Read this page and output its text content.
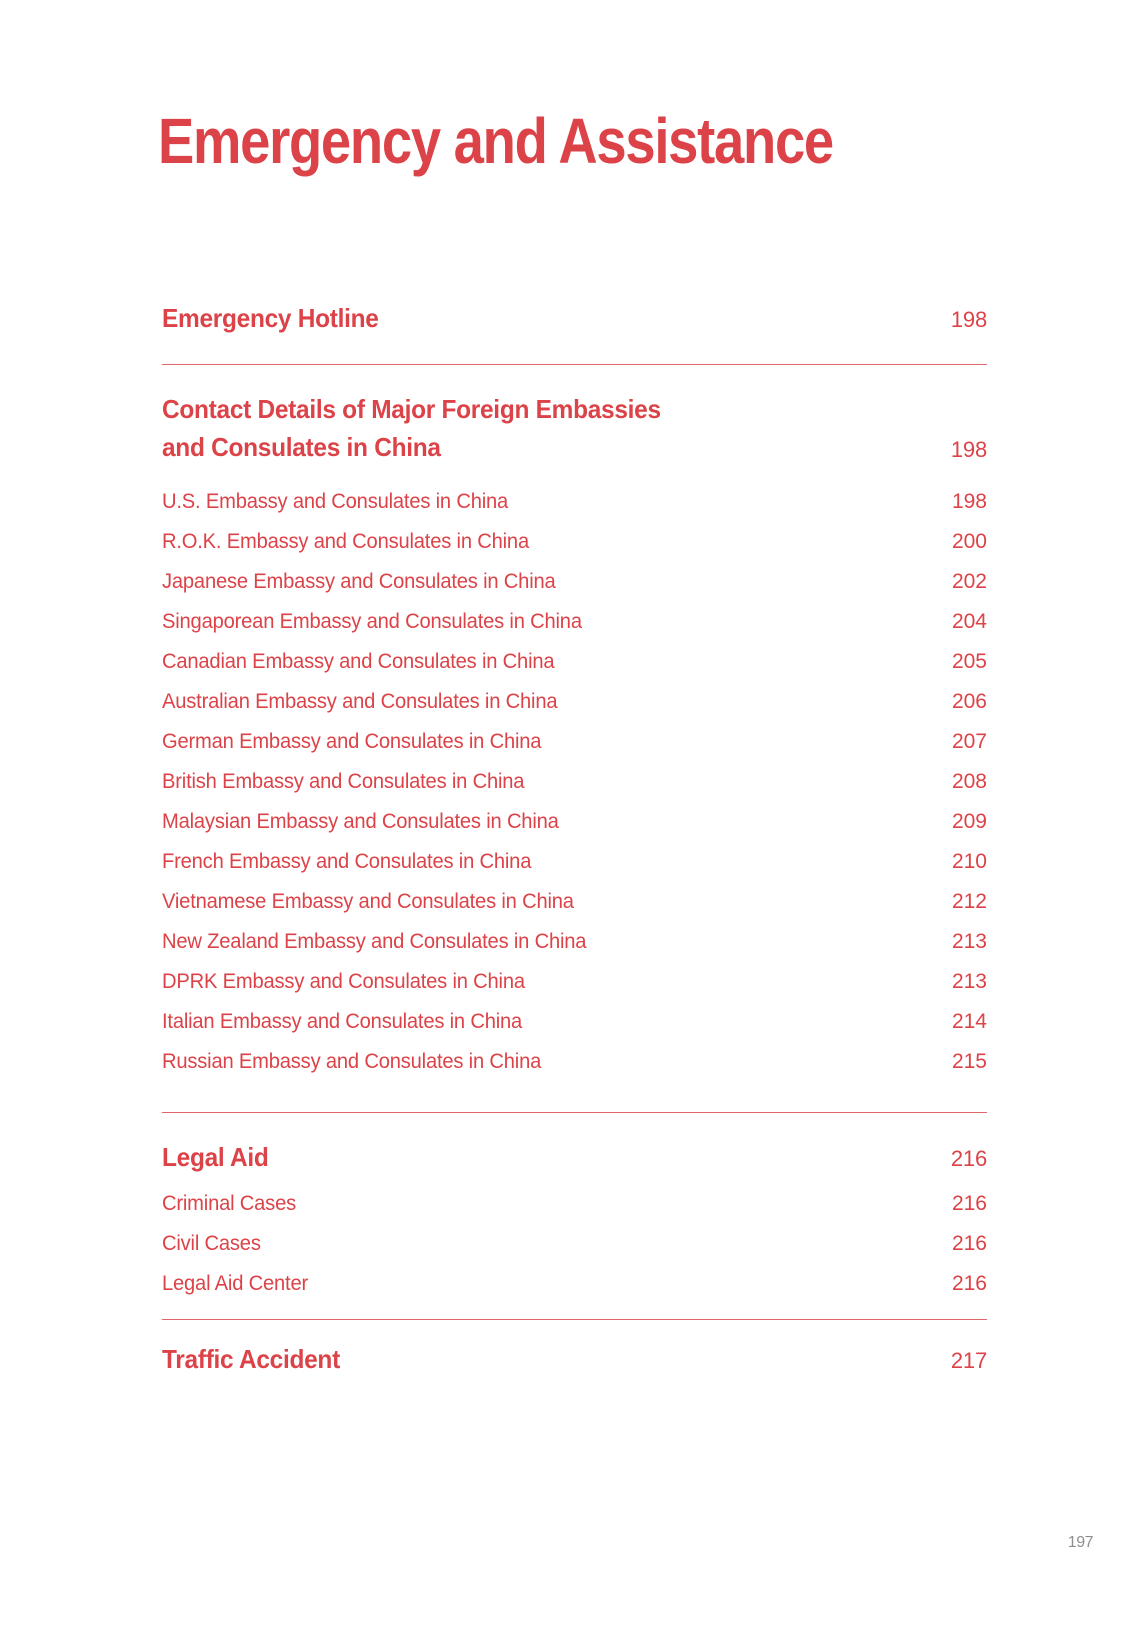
Emergency and Assistance
Emergency Hotline	198
Contact Details of Major Foreign Embassies
and Consulates in China	198
U.S. Embassy and Consulates in China	198
R.O.K. Embassy and Consulates in China	200
Japanese Embassy and Consulates in China	202
Singaporean Embassy and Consulates in China	204
Canadian Embassy and Consulates in China	205
Australian Embassy and Consulates in China	206
German Embassy and Consulates in China	207
British Embassy and Consulates in China	208
Malaysian Embassy and Consulates in China	209
French Embassy and Consulates in China	210
Vietnamese Embassy and Consulates in China	212
New Zealand Embassy and Consulates in China	213
DPRK Embassy and Consulates in China	213
Italian Embassy and Consulates in China	214
Russian Embassy and Consulates in China	215
Legal Aid	216
Criminal Cases	216
Civil Cases	216
Legal Aid Center	216
Traffic Accident	217
197
